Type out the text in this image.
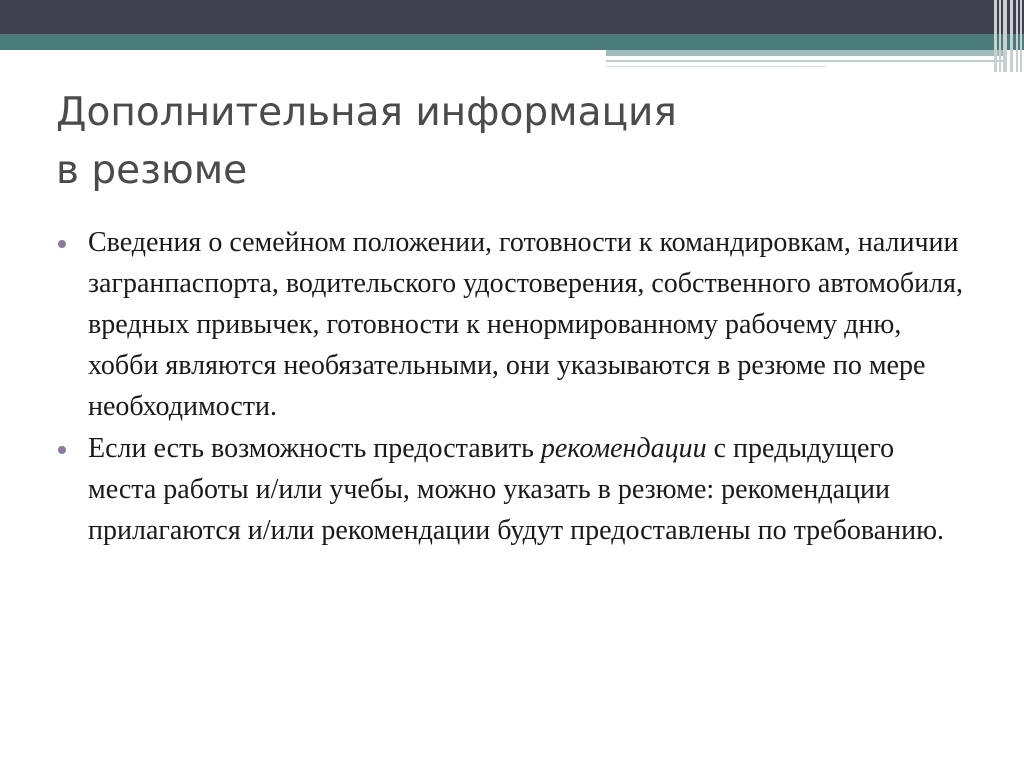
Дополнительная информация
в резюме
Сведения о семейном положении, готовности к командировкам, наличии загранпаспорта, водительского удостоверения, собственного автомобиля, вредных привычек, готовности к ненормированному рабочему дню, хобби являются необязательными, они указываются в резюме по мере необходимости.
Если есть возможность предоставить рекомендации с предыдущего места работы и/или учебы, можно указать в резюме: рекомендации прилагаются и/или рекомендации будут предоставлены по требованию.
